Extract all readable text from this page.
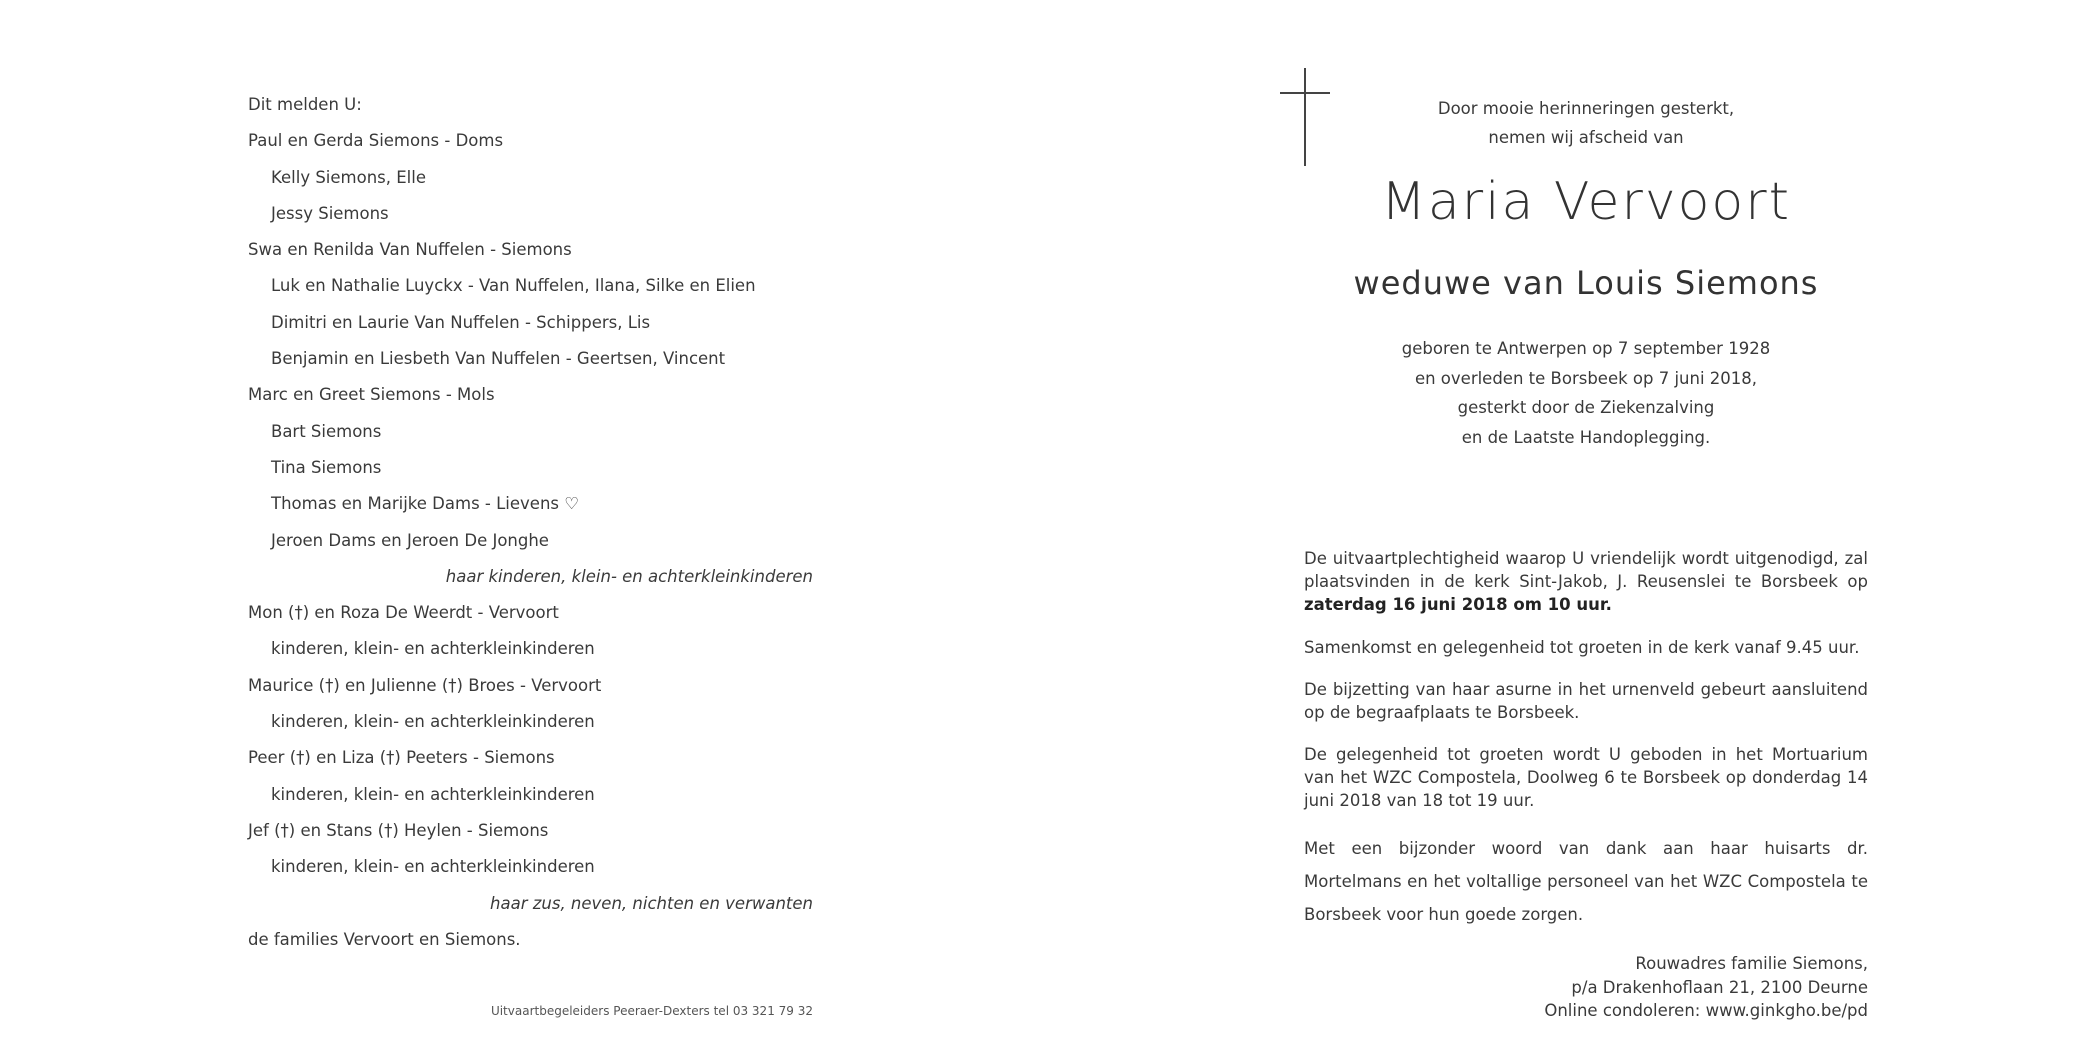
Dit melden U:
Paul en Gerda Siemons - Doms
Kelly Siemons, Elle
Jessy Siemons
Swa en Renilda Van Nuffelen - Siemons
Luk en Nathalie Luyckx - Van Nuffelen, Ilana, Silke en Elien
Dimitri en Laurie Van Nuffelen - Schippers, Lis
Benjamin en Liesbeth Van Nuffelen - Geertsen, Vincent
Marc en Greet Siemons - Mols
Bart Siemons
Tina Siemons
Thomas en Marijke Dams - Lievens ♡
Jeroen Dams en Jeroen De Jonghe
haar kinderen, klein- en achterkleinkinderen
Mon (†) en Roza De Weerdt - Vervoort
kinderen, klein- en achterkleinkinderen
Maurice (†) en Julienne (†) Broes - Vervoort
kinderen, klein- en achterkleinkinderen
Peer (†) en Liza (†) Peeters - Siemons
kinderen, klein- en achterkleinkinderen
Jef (†) en Stans (†) Heylen - Siemons
kinderen, klein- en achterkleinkinderen
haar zus, neven, nichten en verwanten
de families Vervoort en Siemons.
Uitvaartbegeleiders Peeraer-Dexters tel 03 321 79 32
Door mooie herinneringen gesterkt,
nemen wij afscheid van
Maria Vervoort
weduwe van Louis Siemons
geboren te Antwerpen op 7 september 1928
en overleden te Borsbeek op 7 juni 2018,
gesterkt door de Ziekenzalving
en de Laatste Handoplegging.
De uitvaartplechtigheid waarop U vriendelijk wordt uitgenodigd, zal plaatsvinden in de kerk Sint-Jakob, J. Reusenslei te Borsbeek op zaterdag 16 juni 2018 om 10 uur.
Samenkomst en gelegenheid tot groeten in de kerk vanaf 9.45 uur.
De bijzetting van haar asurne in het urnenveld gebeurt aansluitend op de begraafplaats te Borsbeek.
De gelegenheid tot groeten wordt U geboden in het Mortuarium van het WZC Compostela, Doolweg 6 te Borsbeek op donderdag 14 juni 2018 van 18 tot 19 uur.
Met een bijzonder woord van dank aan haar huisarts dr. Mortelmans en het voltallige personeel van het WZC Compostela te Borsbeek voor hun goede zorgen.
Rouwadres familie Siemons,
p/a Drakenhoflaan 21, 2100 Deurne
Online condoleren: www.ginkgho.be/pd
